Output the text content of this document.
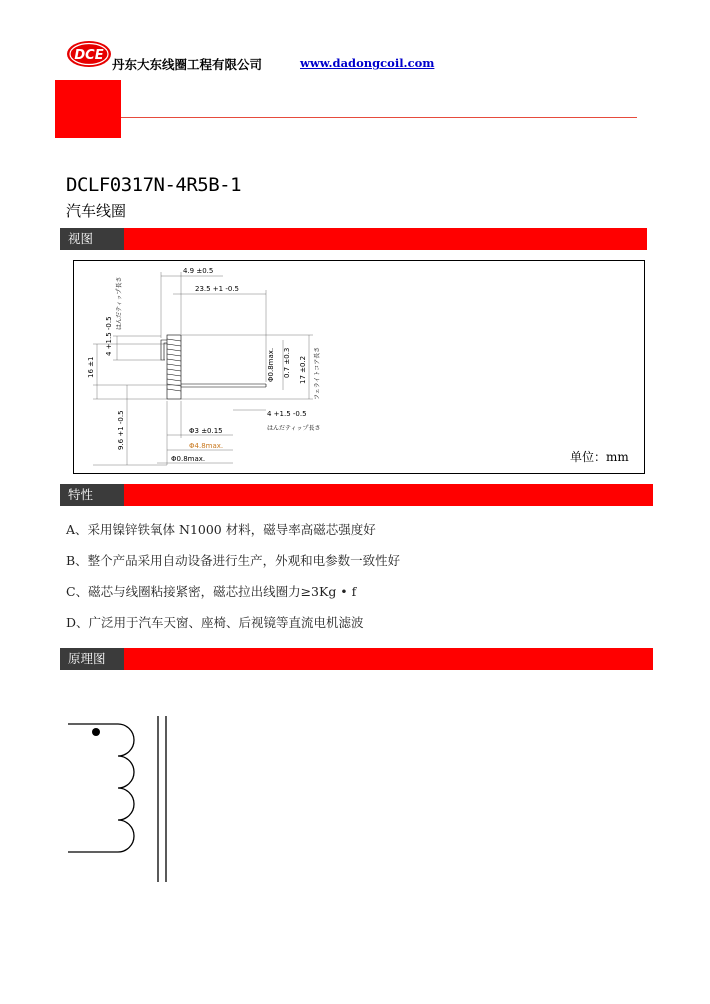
DCE
丹东大东线圈工程有限公司	www.dadongcoil.com
DCLF0317N-4R5B-1
汽车线圈
视图
4.9 ±0.5
23.5 +1 -0.5
4 +1.5 -0.5
はんだティップ長さ
16 ±1
9.6 +1 -0.5
Φ0.8max. 0.7 ±0.3 17 ±0.2 フェライトコア長さ
4 +1.5 -0.5
はんだティップ長さ
Φ3 ±0.15
Φ4.8max.
Φ0.8max.	单位：mm
特性
A、采用镍锌铁氧体 N1000 材料，磁导率高磁芯强度好
B、整个产品采用自动设备进行生产，外观和电参数一致性好
C、磁芯与线圈粘接紧密，磁芯拉出线圈力≥3Kg • f
D、广泛用于汽车天窗、座椅、后视镜等直流电机滤波
原理图
